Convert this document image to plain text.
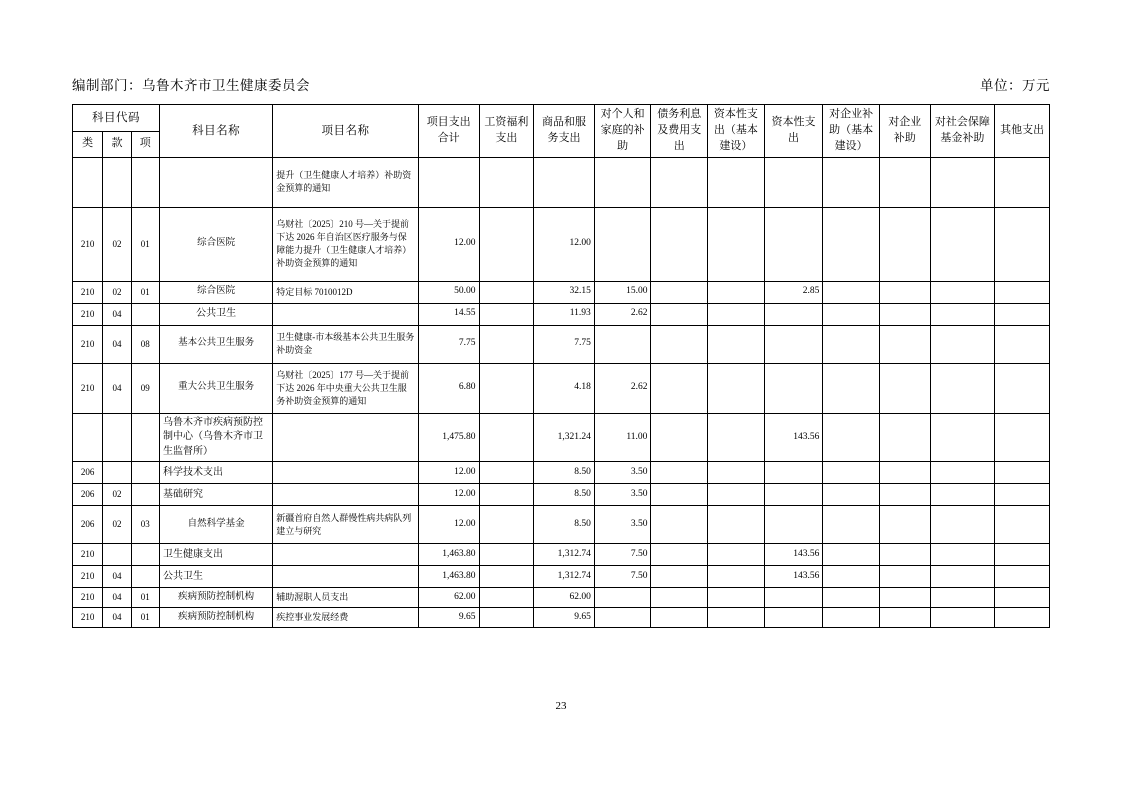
编制部门：乌鲁木齐市卫生健康委员会	单位：万元
科目代码			科目名称	项目名称	项目支出合计	工资福利支出	商品和服务支出	对个人和家庭的补助	债务利息及费用支出	资本性支出（基本建设）	资本性支出	对企业补助（基本建设）	对企业补助	对社会保障基金补助	其他支出
类	款	项													
				提升（卫生健康人才培养）补助资金预算的通知											
210	02	01	综合医院	乌财社〔2025〕210 号—关于提前下达 2026 年自治区医疗服务与保障能力提升（卫生健康人才培养）补助资金预算的通知	12.00		12.00								
210	02	01	综合医院	特定目标 7010012D	50.00		32.15	15.00			2.85				
210	04		公共卫生		14.55		11.93	2.62							
210	04	08	基本公共卫生服务	卫生健康-市本级基本公共卫生服务补助资金	7.75		7.75								
210	04	09	重大公共卫生服务	乌财社〔2025〕177 号—关于提前下达 2026 年中央重大公共卫生服务补助资金预算的通知	6.80		4.18	2.62							
			乌鲁木齐市疾病预防控制中心（乌鲁木齐市卫生监督所）		1,475.80		1,321.24	11.00			143.56				
206			科学技术支出		12.00		8.50	3.50							
206	02		基础研究		12.00		8.50	3.50							
206	02	03	自然科学基金	新疆首府自然人群慢性病共病队列建立与研究	12.00		8.50	3.50							
210			卫生健康支出		1,463.80		1,312.74	7.50			143.56				
210	04		公共卫生		1,463.80		1,312.74	7.50			143.56				
210	04	01	疾病预防控制机构	辅助渥职人员支出	62.00		62.00								
210	04	01	疾病预防控制机构	疾控事业发展经费	9.65		9.65								
23
